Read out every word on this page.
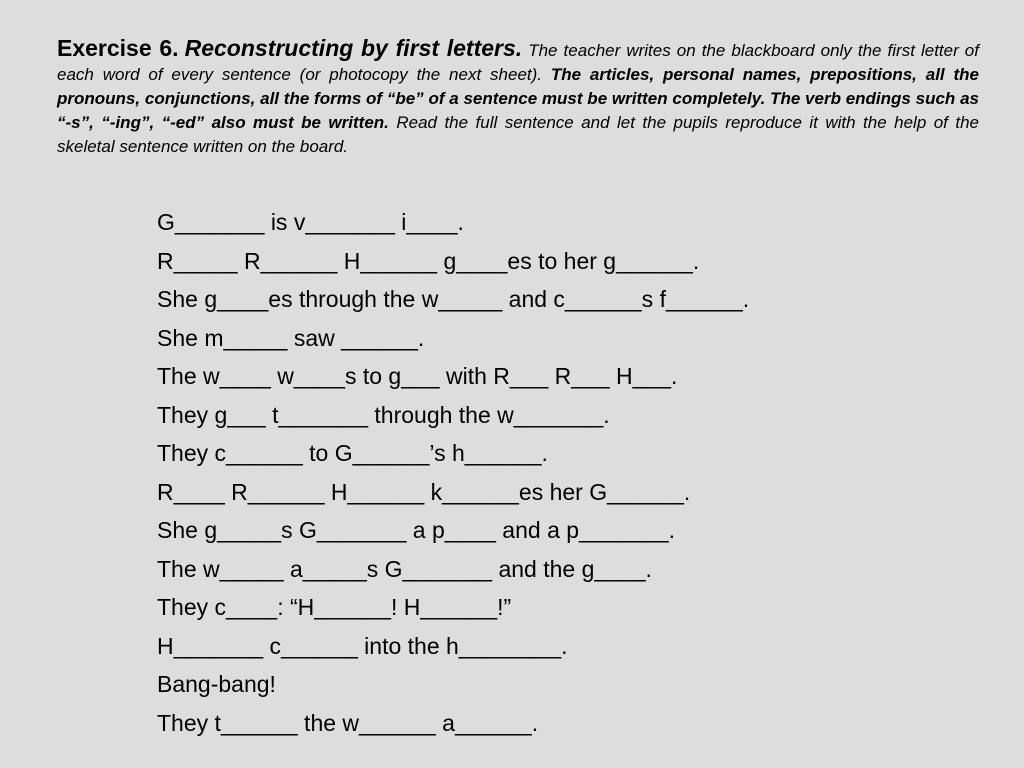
Exercise 6. Reconstructing by first letters. The teacher writes on the blackboard only the first letter of each word of every sentence (or photocopy the next sheet). The articles, personal names, prepositions, all the pronouns, conjunctions, all the forms of “be” of a sentence must be written completely. The verb endings such as “-s”, “-ing”, “-ed” also must be written. Read the full sentence and let the pupils reproduce it with the help of the skeletal sentence written on the board.

G_______ is v_______ i____.
R_____ R______ H______ g____es to her g______.
She g____es through the w_____ and c______s f______.
She m_____ saw ______.
The w____ w____s to g___ with R___ R___ H___.
They g___ t_______ through the w_______.
They c______ to G______’s h______.
R____ R______ H______ k______es her G______.
She g_____s G_______ a p____ and a p_______.
The w_____ a_____s G_______ and the g____.
They c____: “H______! H______!”
H_______ c______ into the h________.
Bang-bang!
They t______ the w______ a______.
